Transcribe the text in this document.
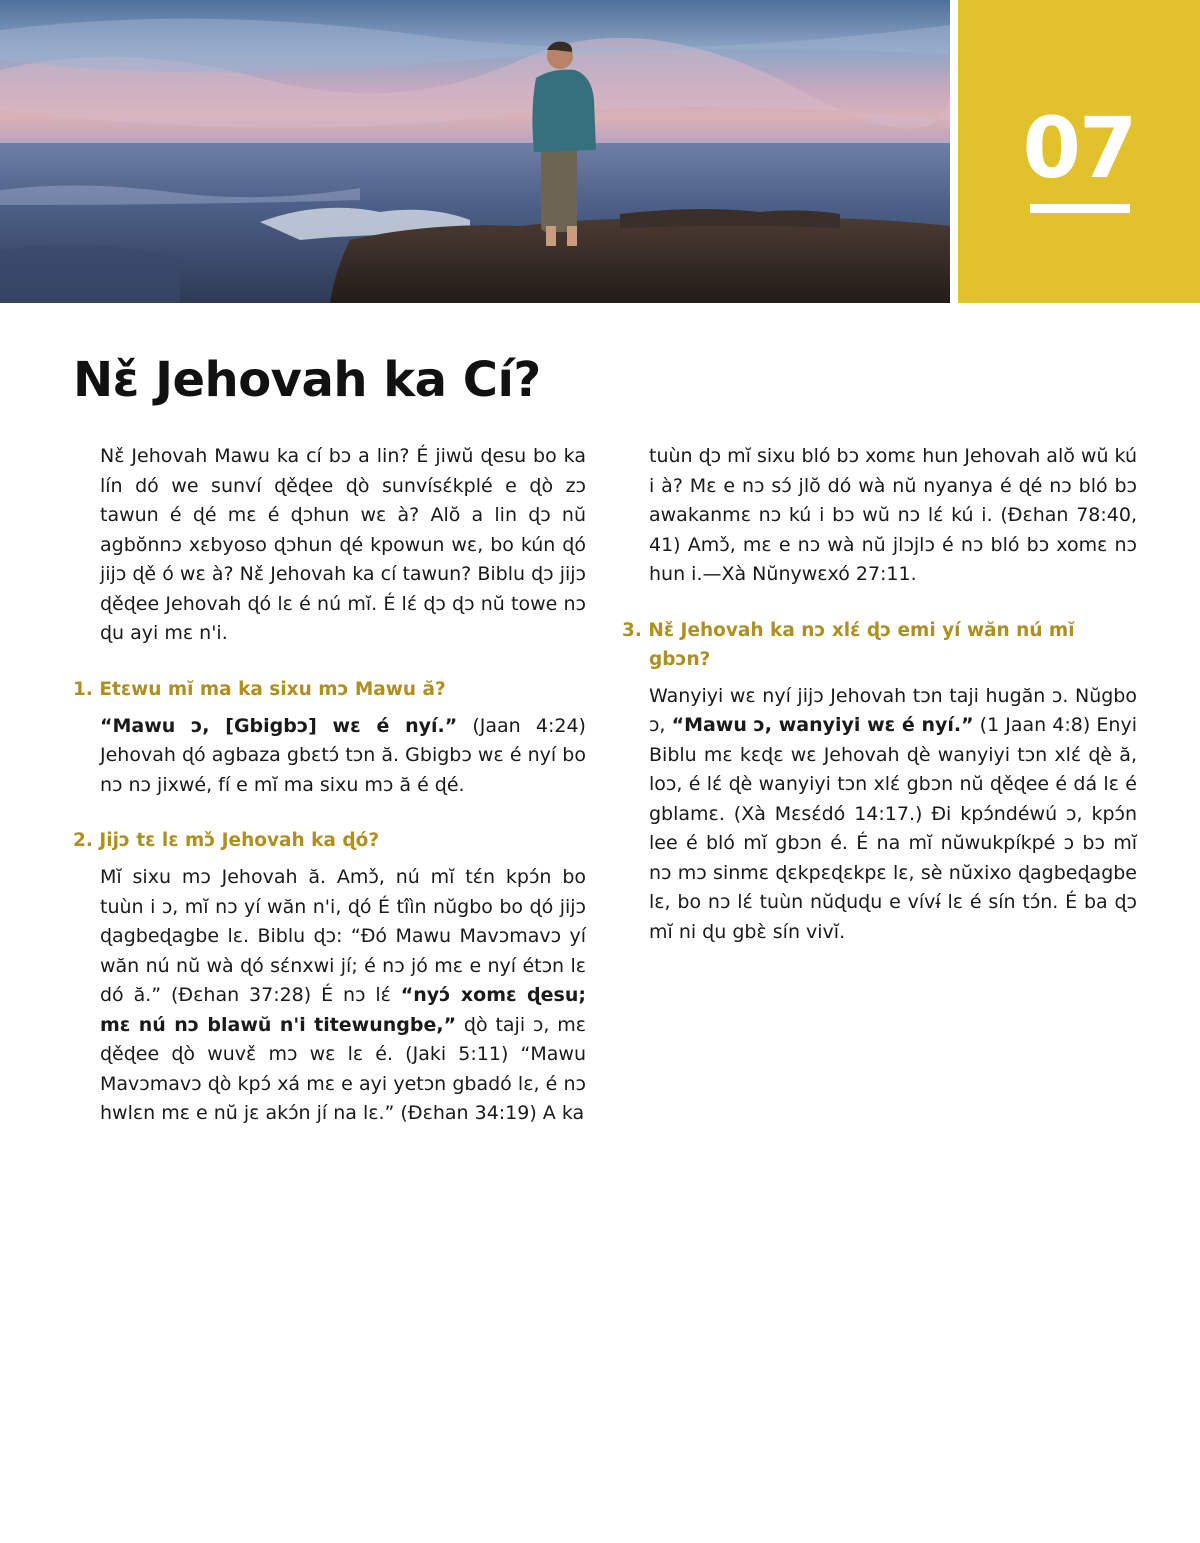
07
Nɛ̌ Jehovah ka Cí?

Nɛ̌ Jehovah Mawu ka cí bɔ a lin? É jiwŭ ɖesu bo ka lín dó we sunví ɖěɖee ɖò sunvísɛ́kplé e ɖò zɔ tawun é ɖé mɛ é ɖɔhun wɛ à? Alŏ a lin ɖɔ nŭ agbŏnnɔ xɛbyoso ɖɔhun ɖé kpowun wɛ, bo kún ɖó jijɔ ɖě ó wɛ à? Nɛ̌ Jehovah ka cí tawun? Biblu ɖɔ jijɔ ɖěɖee Jehovah ɖó lɛ é nú mĭ. É lɛ́ ɖɔ ɖɔ nŭ towe nɔ ɖu ayi mɛ n'i.

1. Etɛwu mĭ ma ka sixu mɔ Mawu ă?

“Mawu ɔ, [Gbigbɔ] wɛ é nyí.” (Jaan 4:24) Jehovah ɖó agbaza gbɛtɔ́ tɔn ă. Gbigbɔ wɛ é nyí bo nɔ nɔ jixwé, fí e mĭ ma sixu mɔ ă é ɖé.

2. Jijɔ tɛ lɛ mɔ̌ Jehovah ka ɖó?

Mĭ sixu mɔ Jehovah ă. Amɔ̌, nú mĭ tɛ́n kpɔ́n bo tuùn i ɔ, mĭ nɔ yí wăn n'i, ɖó É tîìn nŭgbo bo ɖó jijɔ ɖagbeɖagbe lɛ. Biblu ɖɔ: “Ðó Mawu Mavɔmavɔ yí wăn nú nŭ wà ɖó sɛ́nxwi jí; é nɔ jó mɛ e nyí étɔn lɛ dó ă.” (Ðɛhan 37:28) É nɔ lɛ́ “nyɔ́ xomɛ ɖesu; mɛ nú nɔ blawŭ n'i titewungbe,” ɖò taji ɔ, mɛ ɖěɖee ɖò wuvɛ̌ mɔ wɛ lɛ é. (Jaki 5:11) “Mawu Mavɔmavɔ ɖò kpɔ́ xá mɛ e ayi yetɔn gbadó lɛ, é nɔ hwlɛn mɛ e nŭ jɛ akɔ́n jí na lɛ.” (Ðɛhan 34:19) A ka

tuùn ɖɔ mĭ sixu bló bɔ xomɛ hun Jehovah alŏ wŭ kú i à? Mɛ e nɔ sɔ́ jlŏ dó wà nŭ nyanya é ɖé nɔ bló bɔ awakanmɛ nɔ kú i bɔ wŭ nɔ lɛ́ kú i. (Ðɛhan 78:40, 41) Amɔ̌, mɛ e nɔ wà nŭ jlɔjlɔ é nɔ bló bɔ xomɛ nɔ hun i.—Xà Nŭnywɛxó 27:11.

3. Nɛ̌ Jehovah ka nɔ xlɛ́ ɖɔ emi yí wăn nú mĭ gbɔn?

Wanyiyi wɛ nyí jijɔ Jehovah tɔn taji hugăn ɔ. Nŭgbo ɔ, “Mawu ɔ, wanyiyi wɛ é nyí.” (1 Jaan 4:8) Enyi Biblu mɛ kɛɖɛ wɛ Jehovah ɖè wanyiyi tɔn xlɛ́ ɖè ă, loɔ, é lɛ́ ɖè wanyiyi tɔn xlɛ́ gbɔn nŭ ɖěɖee é dá lɛ é gblamɛ. (Xà Mɛsɛ́dó 14:17.) Ði kpɔ́ndéwú ɔ, kpɔ́n lee é bló mĭ gbɔn é. É na mĭ nŭwukpíkpé ɔ bɔ mĭ nɔ mɔ sinmɛ ɖɛkpɛɖɛkpɛ lɛ, sè nŭxixo ɖagbeɖagbe lɛ, bo nɔ lɛ́ tuùn nŭɖuɖu e vívɨ́ lɛ é sín tɔ́n. É ba ɖɔ mĭ ni ɖu gbɛ̀ sín vivĭ.
